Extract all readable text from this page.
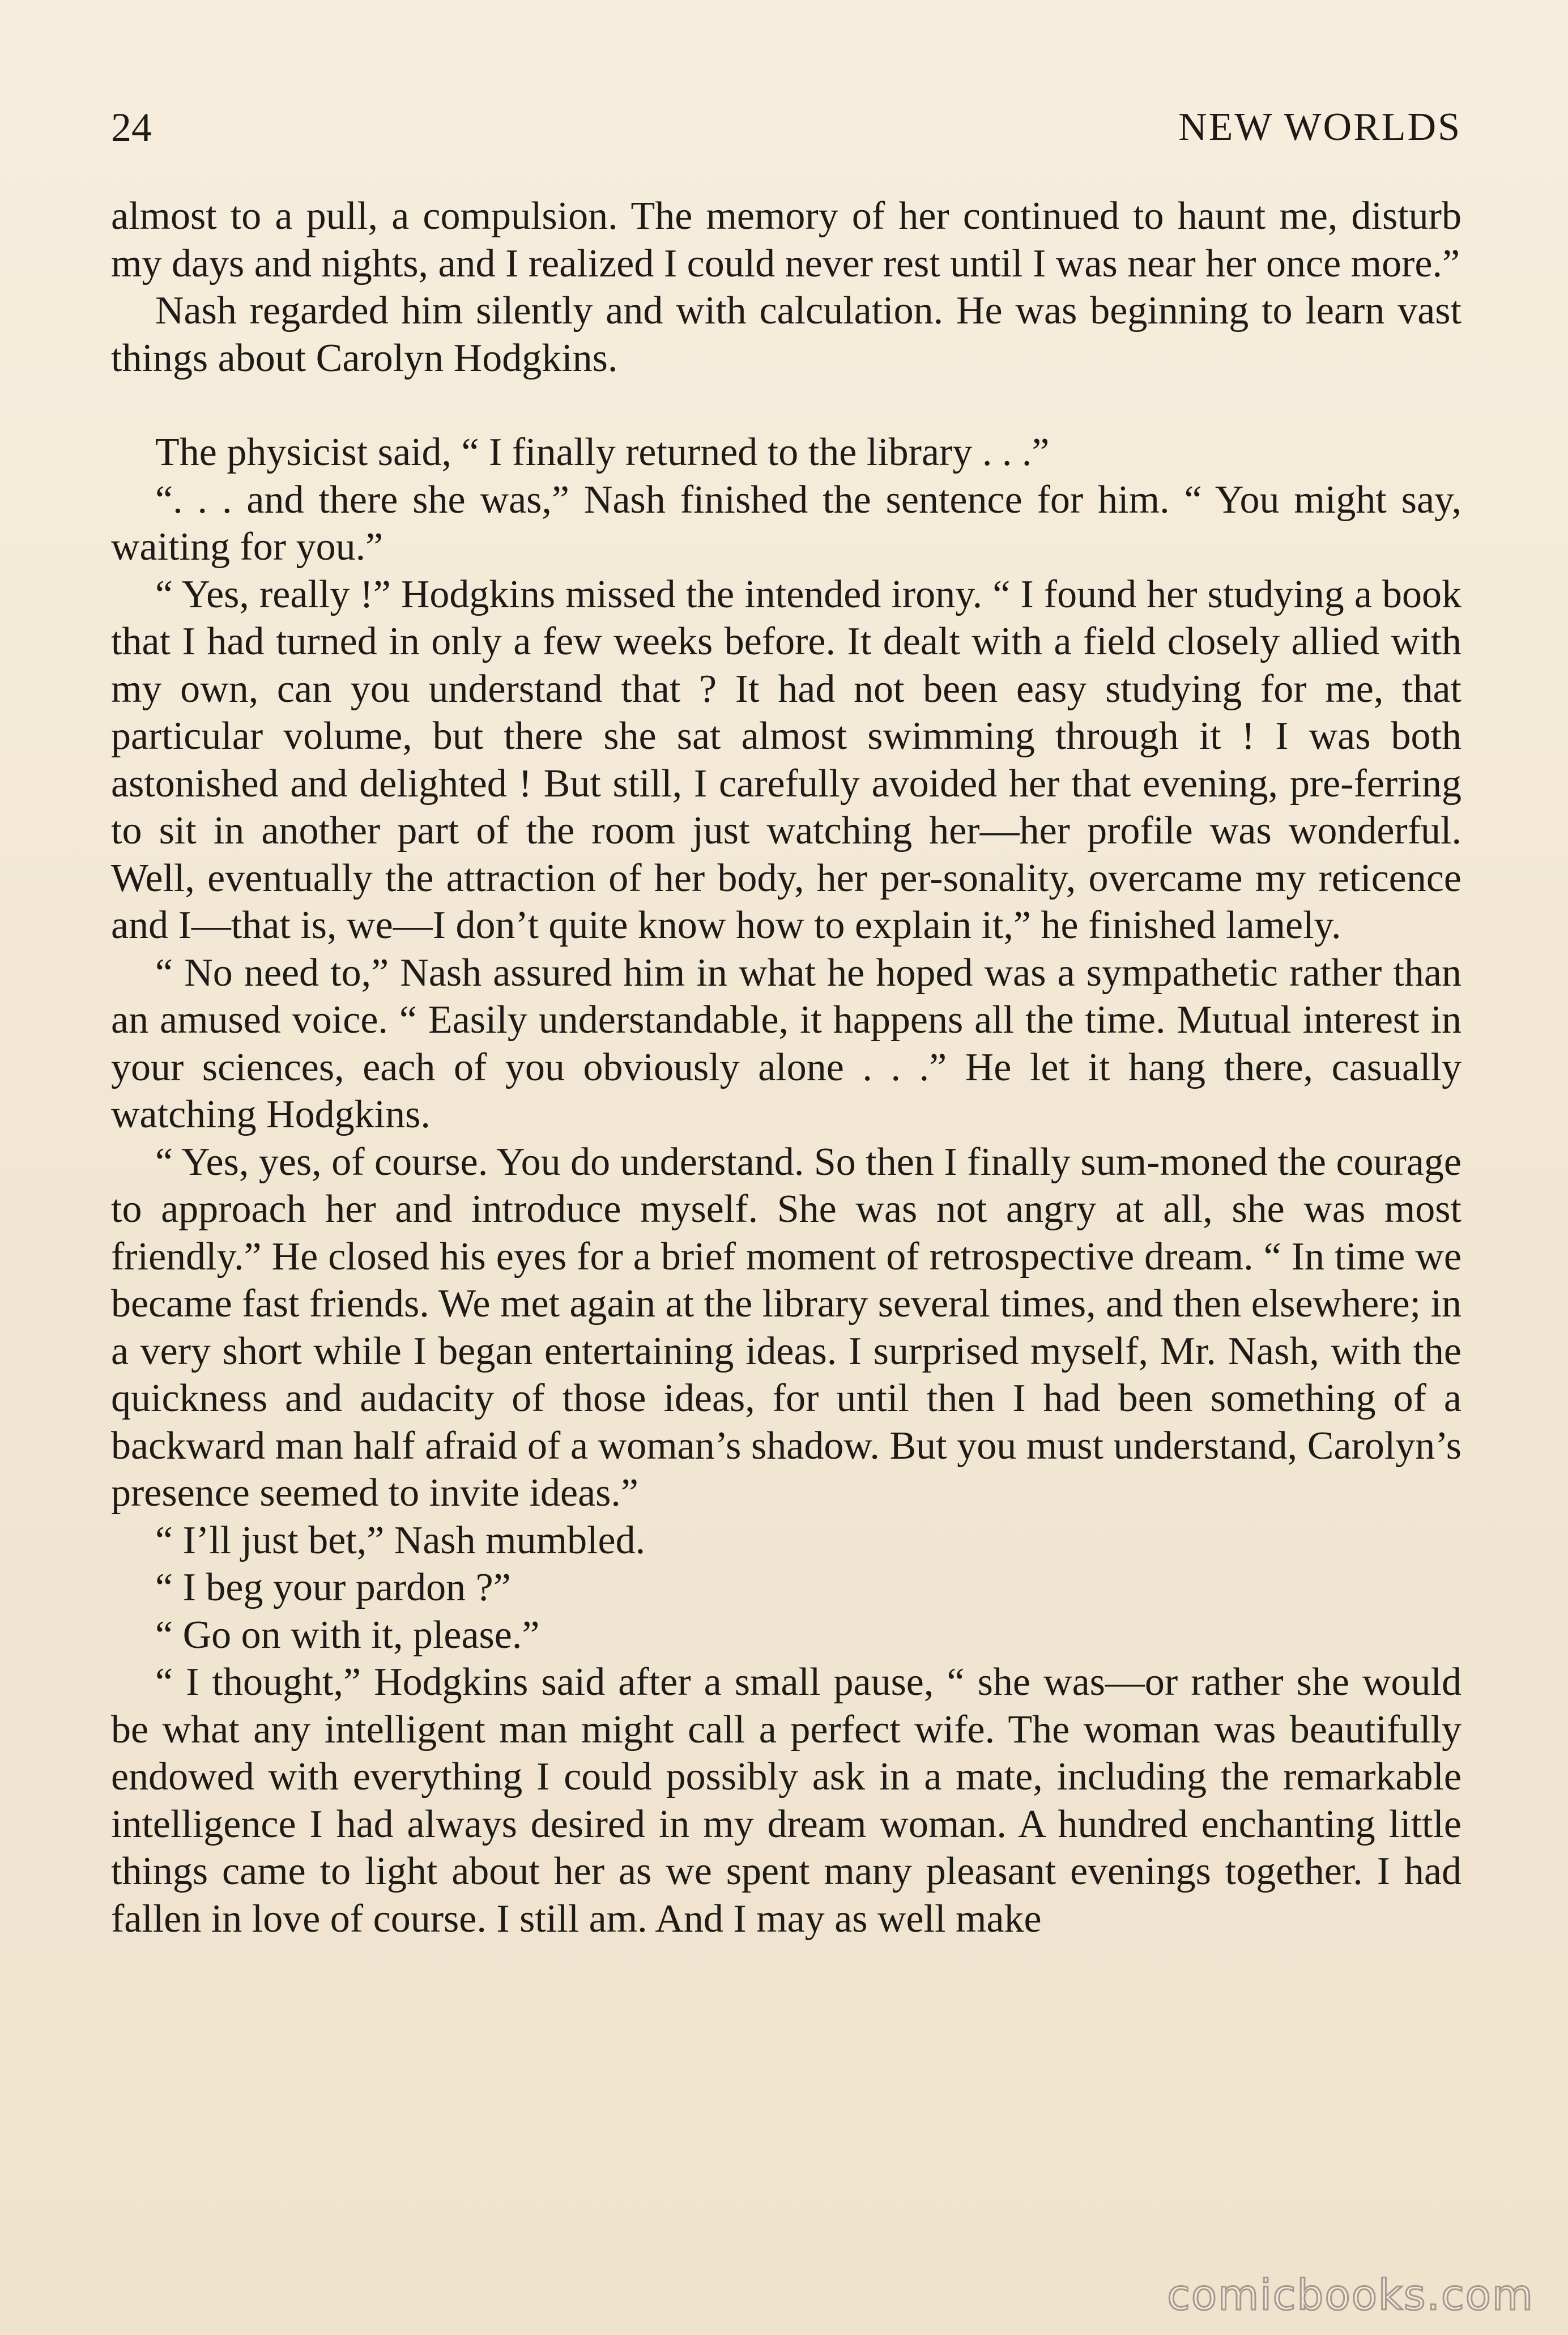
24	NEW WORLDS

almost to a pull, a compulsion. The memory of her continued to haunt me, disturb my days and nights, and I realized I could never rest until I was near her once more.”

Nash regarded him silently and with calculation. He was beginning to learn vast things about Carolyn Hodgkins.

The physicist said, “ I finally returned to the library . . .”

“. . . and there she was,” Nash finished the sentence for him. “ You might say, waiting for you.”

“ Yes, really !” Hodgkins missed the intended irony. “ I found her studying a book that I had turned in only a few weeks before. It dealt with a field closely allied with my own, can you understand that ? It had not been easy studying for me, that particular volume, but there she sat almost swimming through it ! I was both astonished and delighted ! But still, I carefully avoided her that evening, pre-ferring to sit in another part of the room just watching her—her profile was wonderful. Well, eventually the attraction of her body, her per-sonality, overcame my reticence and I—that is, we—I don’t quite know how to explain it,” he finished lamely.

“ No need to,” Nash assured him in what he hoped was a sympathetic rather than an amused voice. “ Easily understandable, it happens all the time. Mutual interest in your sciences, each of you obviously alone . . .” He let it hang there, casually watching Hodgkins.

“ Yes, yes, of course. You do understand. So then I finally sum-moned the courage to approach her and introduce myself. She was not angry at all, she was most friendly.” He closed his eyes for a brief moment of retrospective dream. “ In time we became fast friends. We met again at the library several times, and then elsewhere; in a very short while I began entertaining ideas. I surprised myself, Mr. Nash, with the quickness and audacity of those ideas, for until then I had been something of a backward man half afraid of a woman’s shadow. But you must understand, Carolyn’s presence seemed to invite ideas.”

“ I’ll just bet,” Nash mumbled.

“ I beg your pardon ?”

“ Go on with it, please.”

“ I thought,” Hodgkins said after a small pause, “ she was—or rather she would be what any intelligent man might call a perfect wife. The woman was beautifully endowed with everything I could possibly ask in a mate, including the remarkable intelligence I had always desired in my dream woman. A hundred enchanting little things came to light about her as we spent many pleasant evenings together. I had fallen in love of course. I still am. And I may as well make

comicbooks.com
